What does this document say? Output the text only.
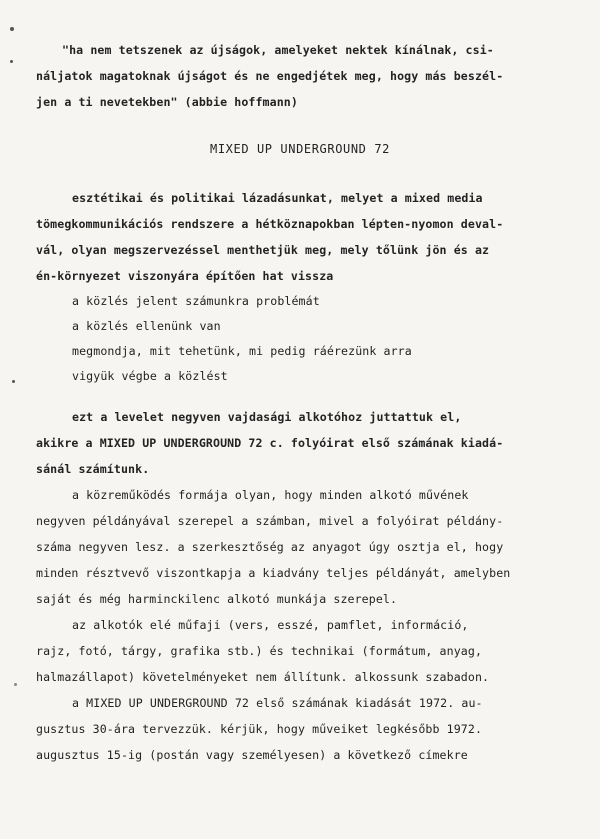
"ha nem tetszenek az újságok, amelyeket nektek kínálnak, csi-
náljatok magatoknak újságot és ne engedjétek meg, hogy más beszél-
jen a ti nevetekben" (abbie hoffmann)
MIXED UP UNDERGROUND 72
esztétikai és politikai lázadásunkat, melyet a mixed media
tömegkommunikációs rendszere a hétköznapokban lépten-nyomon deval-
vál, olyan megszervezéssel menthetjük meg, mely tőlünk jön és az
én-környezet viszonyára építően hat vissza
a közlés jelent számunkra problémát
a közlés ellenünk van
megmondja, mit tehetünk, mi pedig ráérezünk arra
vigyük végbe a közlést
ezt a levelet negyven vajdasági alkotóhoz juttattuk el,
akikre a MIXED UP UNDERGROUND 72 c. folyóirat első számának kiadá-
sánál számítunk.
a közreműködés formája olyan, hogy minden alkotó művének
negyven példányával szerepel a számban, mivel a folyóirat példány-
száma negyven lesz. a szerkesztőség az anyagot úgy osztja el, hogy
minden résztvevő viszontkapja a kiadvány teljes példányát, amelyben
saját és még harminckilenc alkotó munkája szerepel.
az alkotók elé műfaji (vers, esszé, pamflet, információ,
rajz, fotó, tárgy, grafika stb.) és technikai (formátum, anyag,
halmazállapot) követelményeket nem állítunk. alkossunk szabadon.
a MIXED UP UNDERGROUND 72 első számának kiadását 1972. au-
gusztus 30-ára tervezzük. kérjük, hogy műveiket legkésőbb 1972.
augusztus 15-ig (postán vagy személyesen) a következő címekre
